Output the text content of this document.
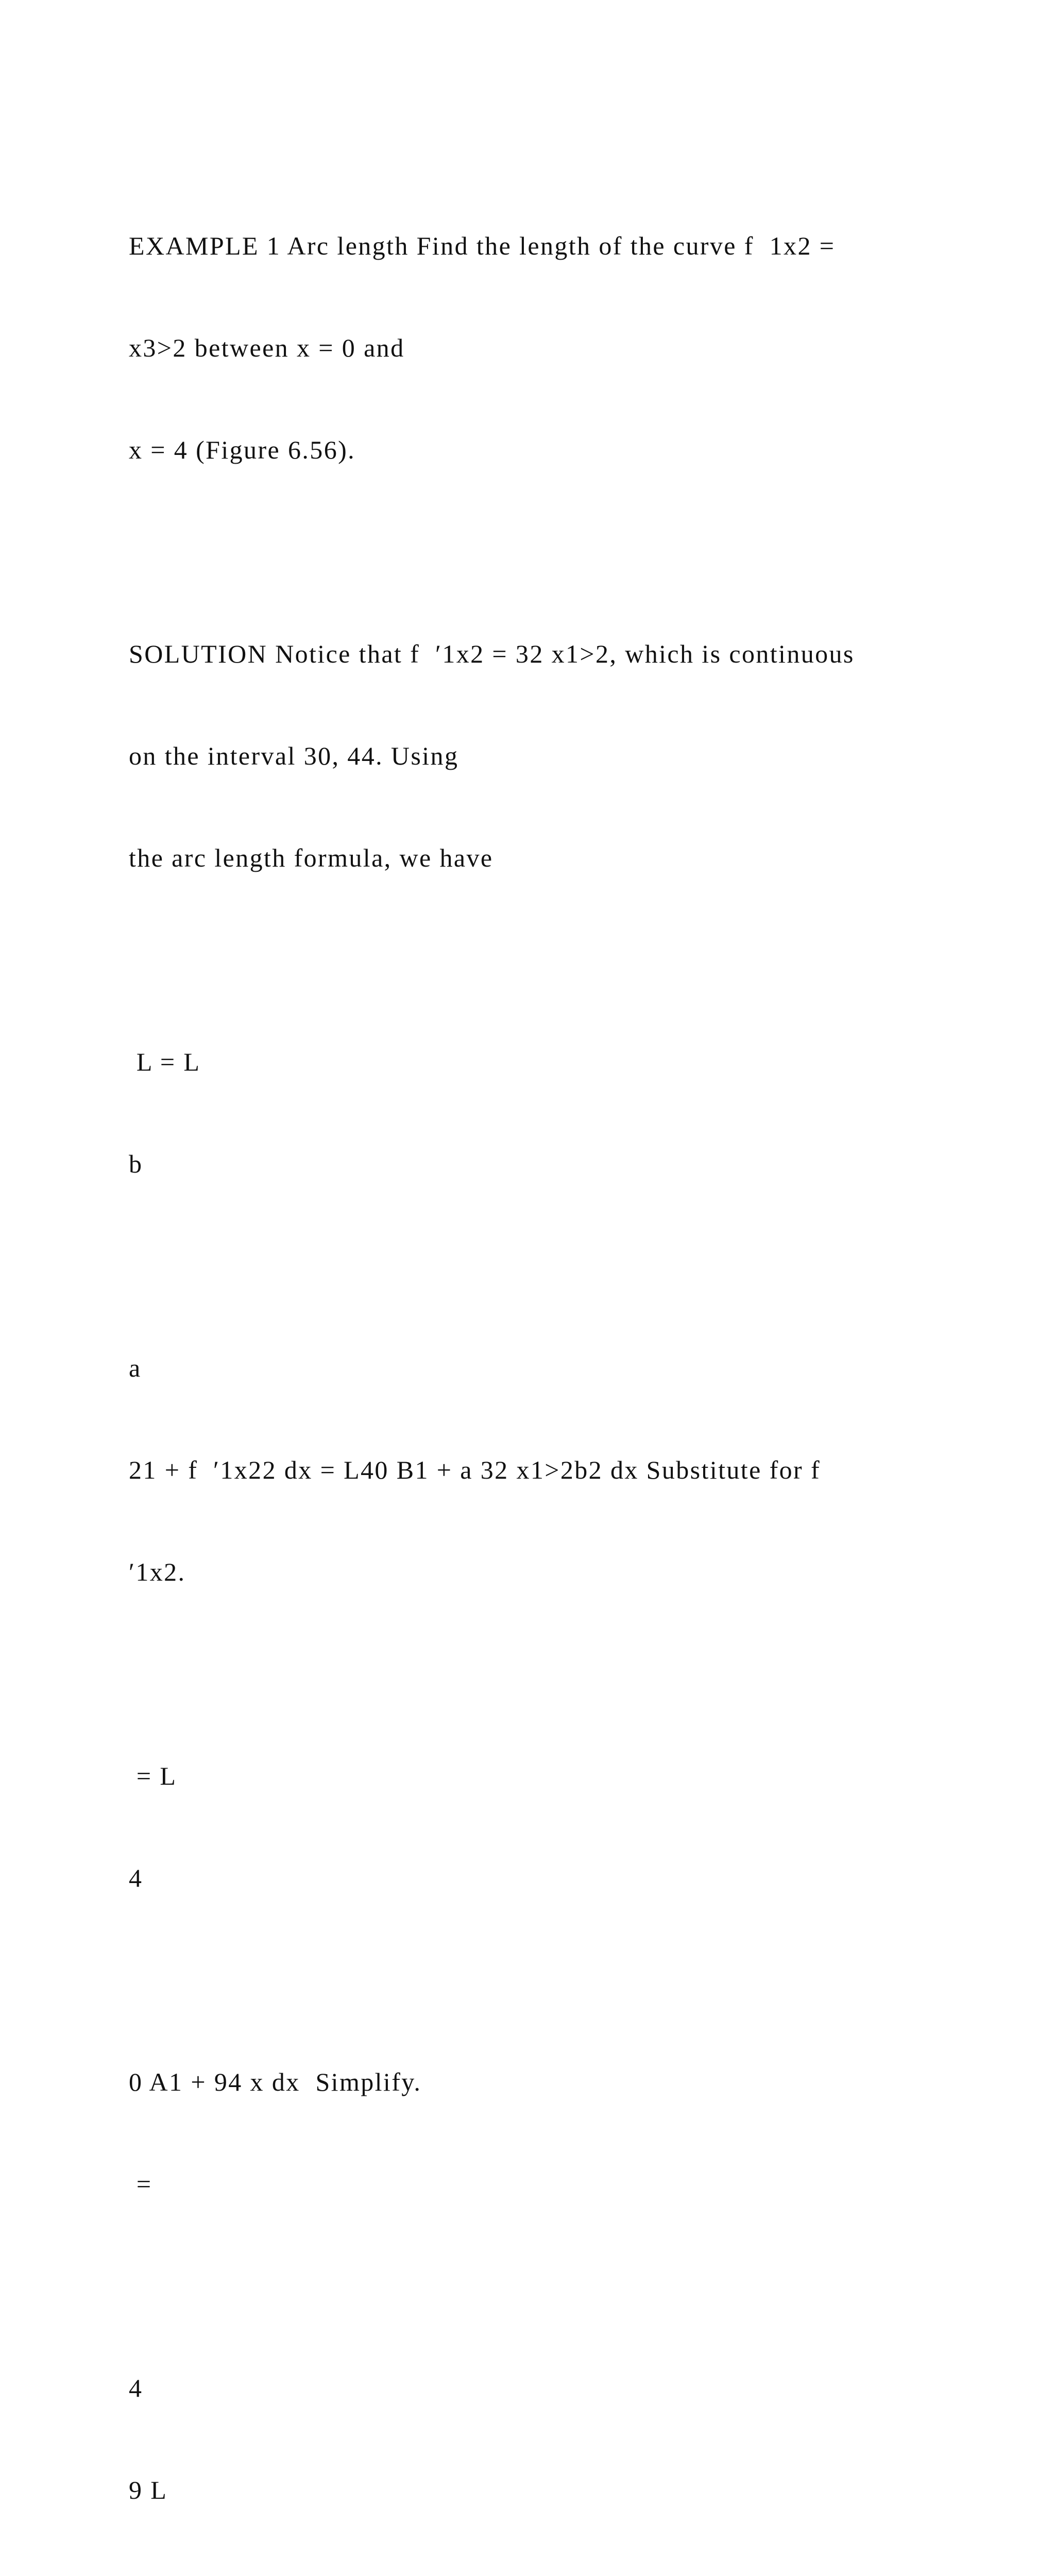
EXAMPLE 1 Arc length Find the length of the curve f  1x2 =

x3>2 between x = 0 and

x = 4 (Figure 6.56).

SOLUTION Notice that f  ′1x2 = 32 x1>2, which is continuous

on the interval 30, 44. Using

the arc length formula, we have

L = L

b

a

21 + f  ′1x22 dx = L40 B1 + a 32 x1>2b2 dx Substitute for f

′1x2.

= L

4

0 A1 + 94 x dx  Simplify.

=

4

9 L
